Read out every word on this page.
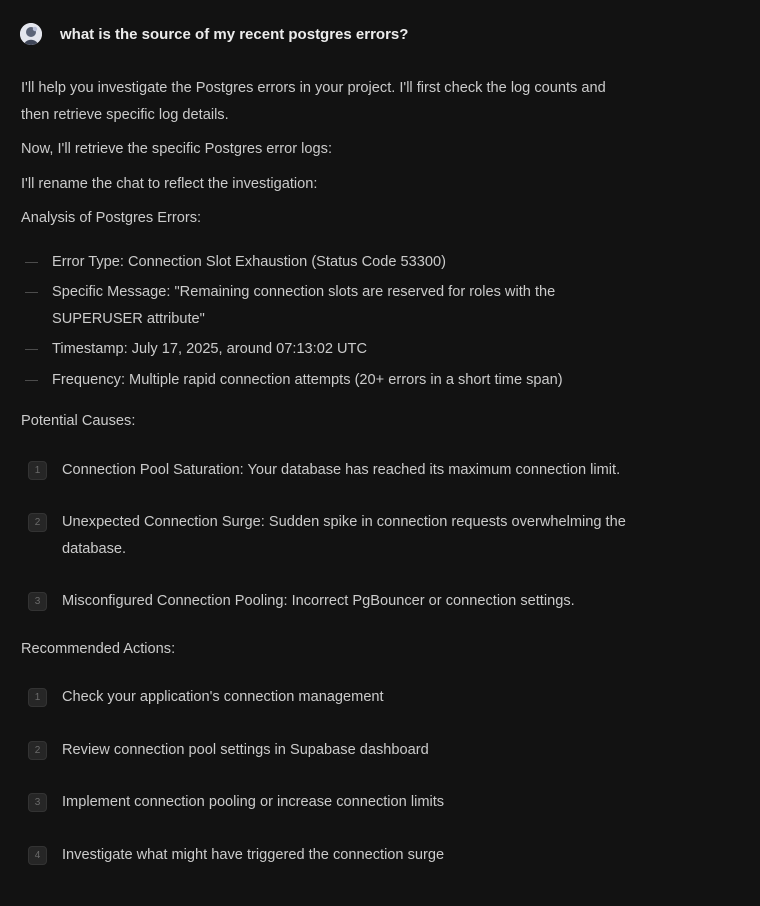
what is the source of my recent postgres errors?
I'll help you investigate the Postgres errors in your project. I'll first check the log counts and then retrieve specific log details.
Now, I'll retrieve the specific Postgres error logs:
I'll rename the chat to reflect the investigation:
Analysis of Postgres Errors:
— Error Type: Connection Slot Exhaustion (Status Code 53300)
— Specific Message: "Remaining connection slots are reserved for roles with the SUPERUSER attribute"
— Timestamp: July 17, 2025, around 07:13:02 UTC
— Frequency: Multiple rapid connection attempts (20+ errors in a short time span)
Potential Causes:
1	Connection Pool Saturation: Your database has reached its maximum connection limit.
2	Unexpected Connection Surge: Sudden spike in connection requests overwhelming the database.
3	Misconfigured Connection Pooling: Incorrect PgBouncer or connection settings.
Recommended Actions:
1	Check your application's connection management
2	Review connection pool settings in Supabase dashboard
3	Implement connection pooling or increase connection limits
4	Investigate what might have triggered the connection surge
